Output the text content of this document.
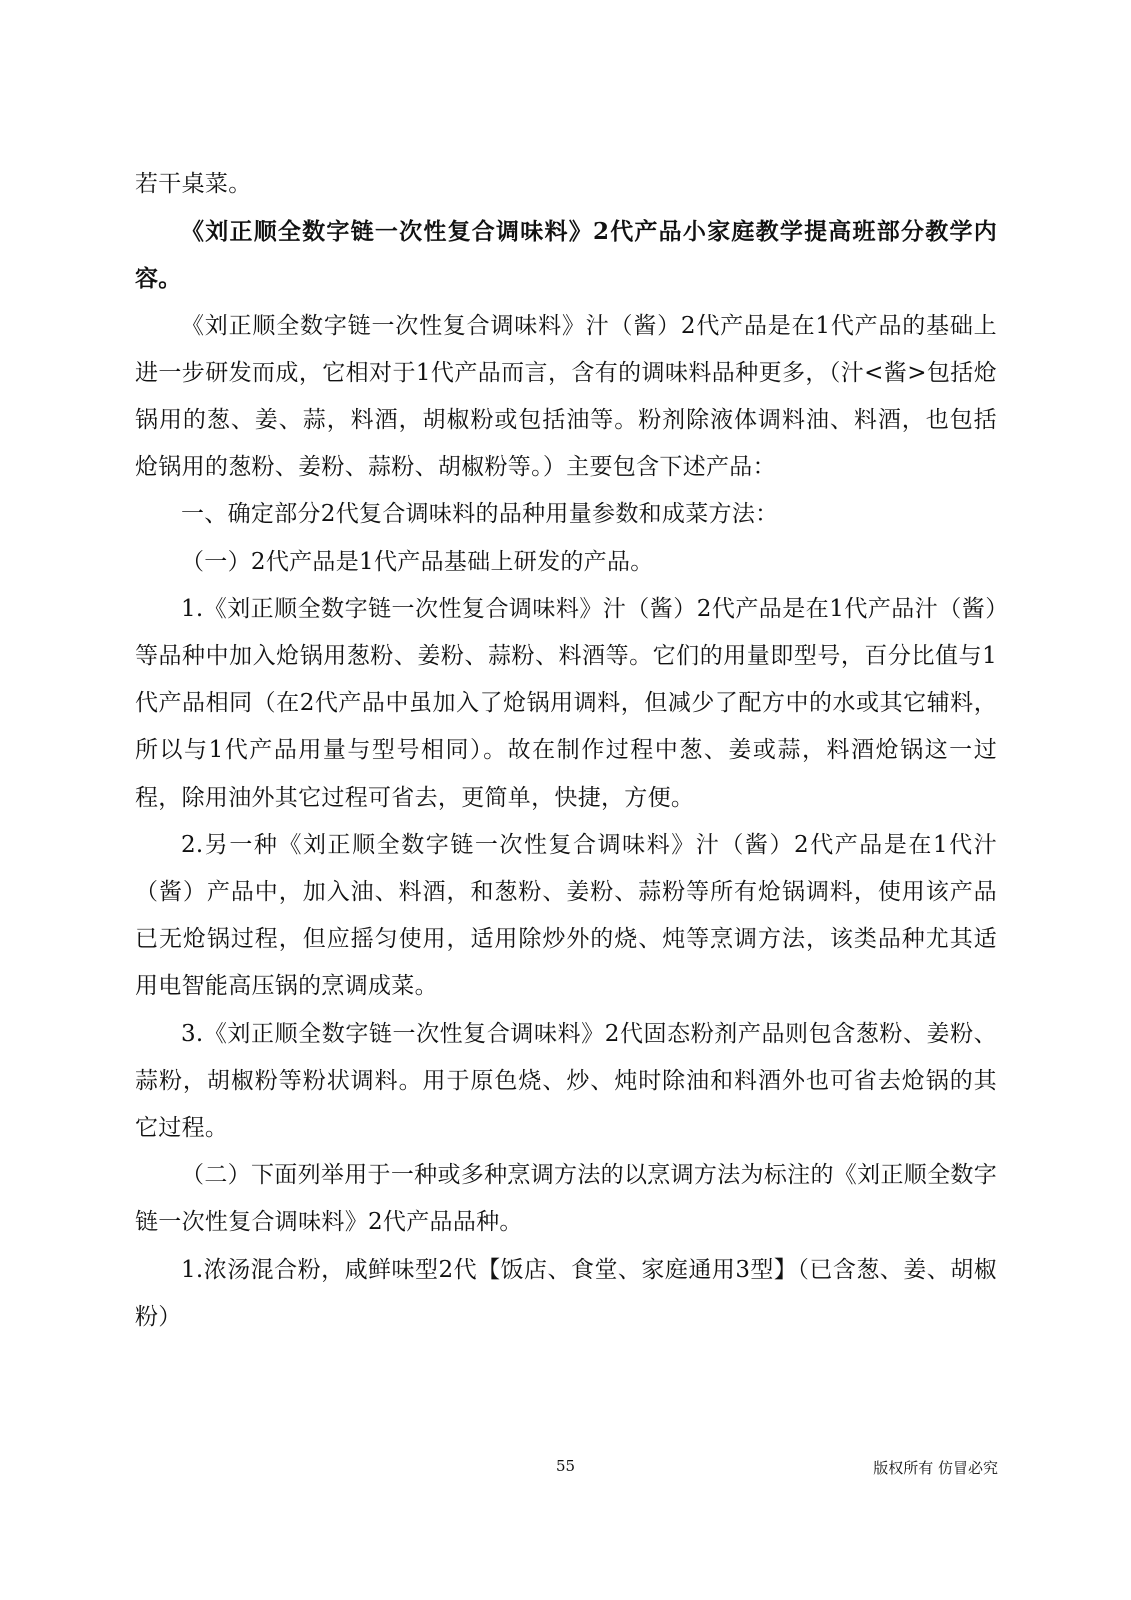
若干桌菜。

《刘正顺全数字链一次性复合调味料》2代产品小家庭教学提高班部分教学内容。

《刘正顺全数字链一次性复合调味料》汁（酱）2代产品是在1代产品的基础上进一步研发而成，它相对于1代产品而言，含有的调味料品种更多，（汁<酱>包括炝锅用的葱、姜、蒜，料酒，胡椒粉或包括油等。粉剂除液体调料油、料酒，也包括炝锅用的葱粉、姜粉、蒜粉、胡椒粉等。）主要包含下述产品：

一、确定部分2代复合调味料的品种用量参数和成菜方法：

（一）2代产品是1代产品基础上研发的产品。

1.《刘正顺全数字链一次性复合调味料》汁（酱）2代产品是在1代产品汁（酱）等品种中加入炝锅用葱粉、姜粉、蒜粉、料酒等。它们的用量即型号，百分比值与1代产品相同（在2代产品中虽加入了炝锅用调料，但减少了配方中的水或其它辅料，所以与1代产品用量与型号相同）。故在制作过程中葱、姜或蒜，料酒炝锅这一过程，除用油外其它过程可省去，更简单，快捷，方便。

2.另一种《刘正顺全数字链一次性复合调味料》汁（酱）2代产品是在1代汁（酱）产品中，加入油、料酒，和葱粉、姜粉、蒜粉等所有炝锅调料，使用该产品已无炝锅过程，但应摇匀使用，适用除炒外的烧、炖等烹调方法，该类品种尤其适用电智能高压锅的烹调成菜。

3.《刘正顺全数字链一次性复合调味料》2代固态粉剂产品则包含葱粉、姜粉、蒜粉，胡椒粉等粉状调料。用于原色烧、炒、炖时除油和料酒外也可省去炝锅的其它过程。

（二）下面列举用于一种或多种烹调方法的以烹调方法为标注的《刘正顺全数字链一次性复合调味料》2代产品品种。

1.浓汤混合粉，咸鲜味型2代【饭店、食堂、家庭通用3型】（已含葱、姜、胡椒粉）

55	版权所有 仿冒必究
